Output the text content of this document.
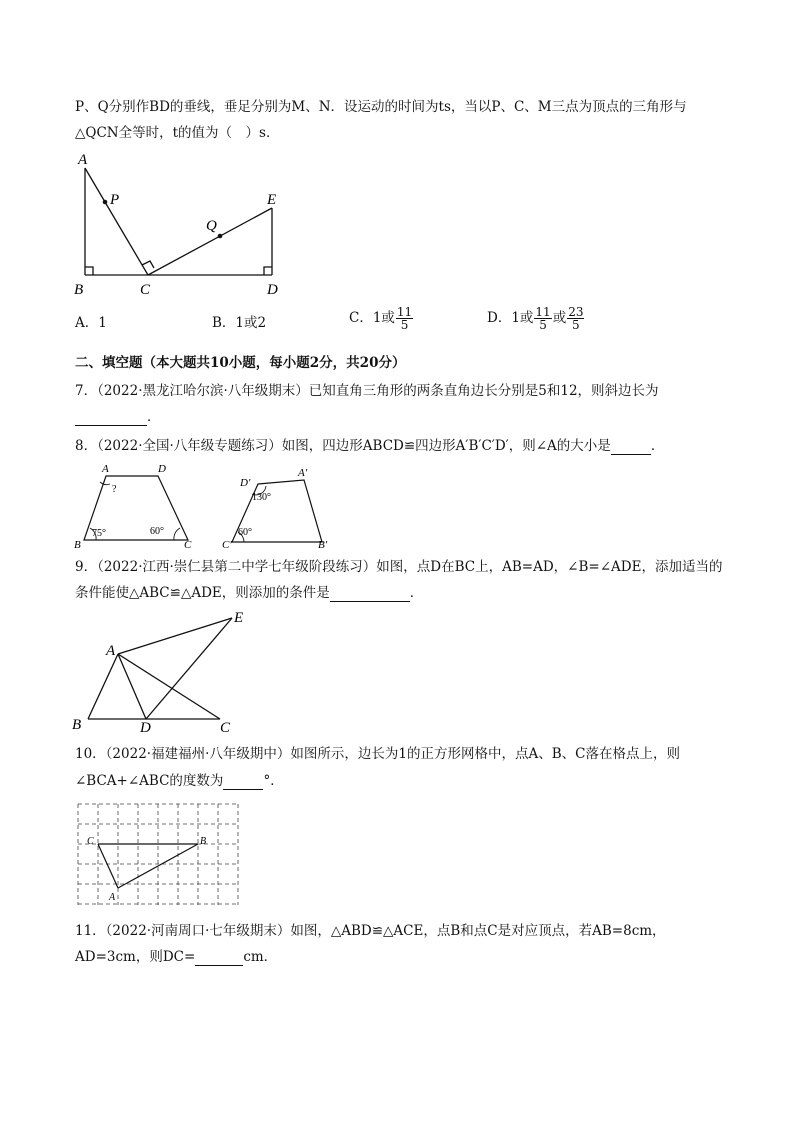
P、Q分别作BD的垂线，垂足分别为M、N．设运动的时间为ts，当以P、C、M三点为顶点的三角形与
△QCN全等时，t的值为（　）s．
A
P
Q
E
B	C	D
A．1	B．1或2	C．1或 $\frac{11}{5}$	D．1或 $\frac{11}{5}$ 或 $\frac{23}{5}$
二、填空题（本大题共10小题，每小题2分，共20分）
7．（2022·黑龙江哈尔滨·八年级期末）已知直角三角形的两条直角边长分别是5和12，则斜边长为
．
8．（2022·全国·八年级专题练习）如图，四边形ABCD≌四边形A′B′C′D′，则∠A的大小是	．
A	D
B	C
?
75°	60°
D′
A′
C′	B′
130°
60°
9．（2022·江西·崇仁县第二中学七年级阶段练习）如图，点D在BC上，AB=AD，∠B=∠ADE，添加适当的
条件能使△ABC≌△ADE，则添加的条件是	．
A
E
B	D	C
10．（2022·福建福州·八年级期中）如图所示，边长为1的正方形网格中，点A、B、C落在格点上，则
∠BCA+∠ABC的度数为	°．
C	B
A
11．（2022·河南周口·七年级期末）如图，△ABD≌△ACE，点B和点C是对应顶点，若AB=8cm，
AD=3cm，则DC=	cm．
